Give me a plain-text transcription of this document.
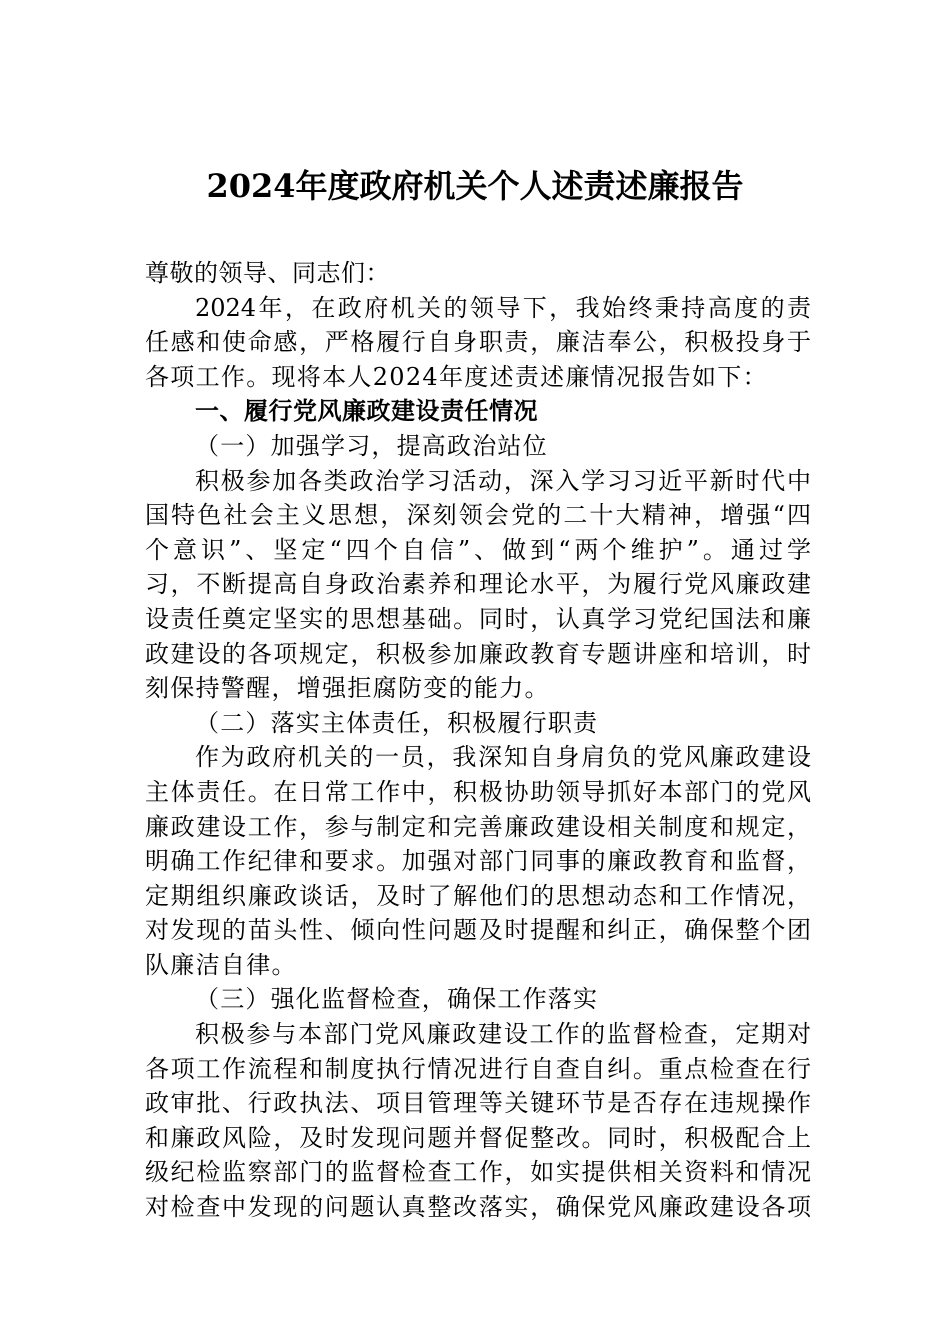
2024年度政府机关个人述责述廉报告

尊敬的领导、同志们：

2024年，在政府机关的领导下，我始终秉持高度的责

任感和使命感，严格履行自身职责，廉洁奉公，积极投身于

各项工作。现将本人2024年度述责述廉情况报告如下：

一、履行党风廉政建设责任情况

（一）加强学习，提高政治站位

积极参加各类政治学习活动，深入学习习近平新时代中

国特色社会主义思想，深刻领会党的二十大精神，增强“四

个意识”、坚定“四个自信”、做到“两个维护”。通过学

习，不断提高自身政治素养和理论水平，为履行党风廉政建

设责任奠定坚实的思想基础。同时，认真学习党纪国法和廉

政建设的各项规定，积极参加廉政教育专题讲座和培训，时

刻保持警醒，增强拒腐防变的能力。

（二）落实主体责任，积极履行职责

作为政府机关的一员，我深知自身肩负的党风廉政建设

主体责任。在日常工作中，积极协助领导抓好本部门的党风

廉政建设工作，参与制定和完善廉政建设相关制度和规定，

明确工作纪律和要求。加强对部门同事的廉政教育和监督，

定期组织廉政谈话，及时了解他们的思想动态和工作情况，

对发现的苗头性、倾向性问题及时提醒和纠正，确保整个团

队廉洁自律。

（三）强化监督检查，确保工作落实

积极参与本部门党风廉政建设工作的监督检查，定期对

各项工作流程和制度执行情况进行自查自纠。重点检查在行

政审批、行政执法、项目管理等关键环节是否存在违规操作

和廉政风险，及时发现问题并督促整改。同时，积极配合上

级纪检监察部门的监督检查工作，如实提供相关资料和情况

对检查中发现的问题认真整改落实，确保党风廉政建设各项
